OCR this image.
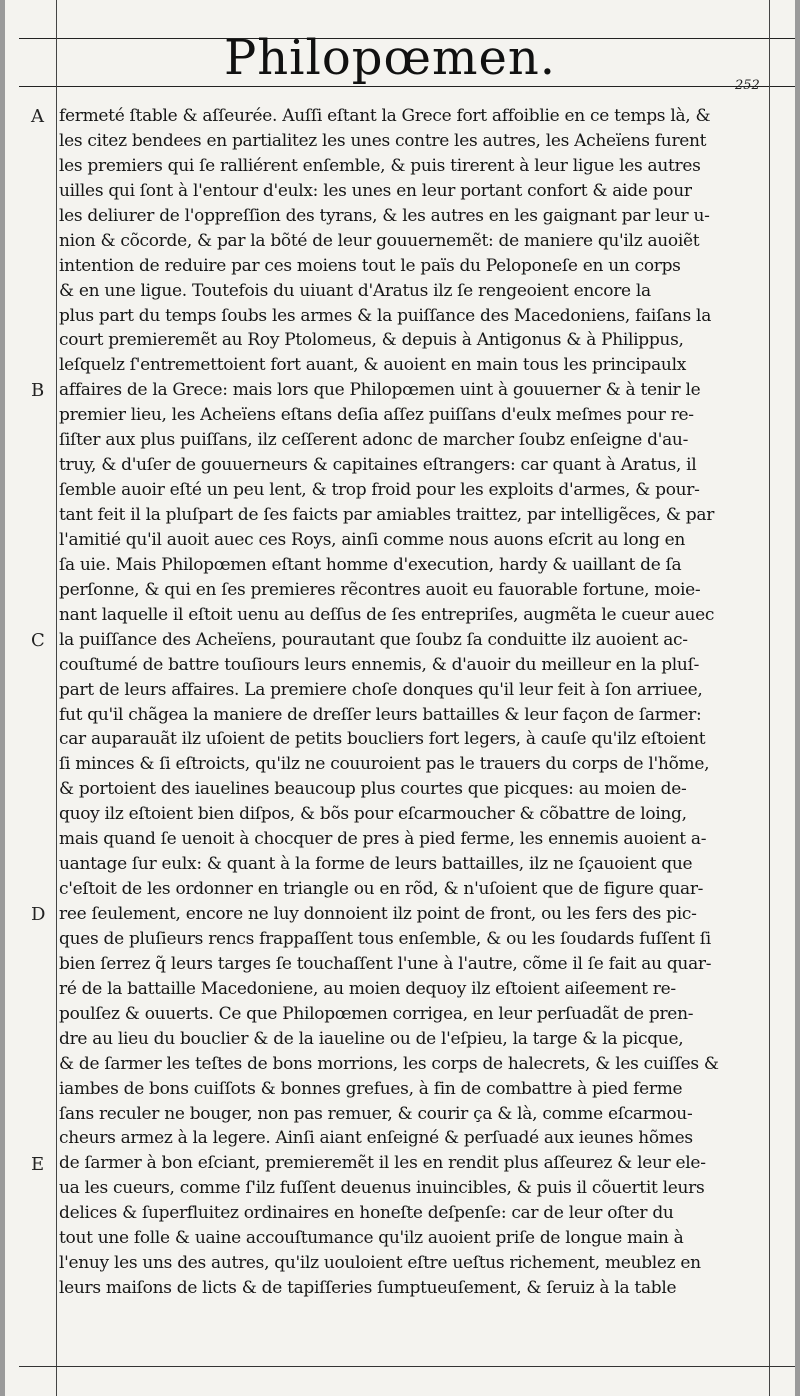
Philopœmen.	252
A
B
C
D
E
fermeté ſtable & aſſeurée. Auſſi eſtant la Grece fort affoiblie en ce temps là, &
les citez bendees en partialitez les unes contre les autres, les Acheïens furent
les premiers qui ſe ralliérent enſemble, & puis tirerent à leur ligue les autres
uilles qui ſont à l'entour d'eulx: les unes en leur portant confort & aide pour
les deliurer de l'oppreſſion des tyrans, & les autres en les gaignant par leur u-
nion & cõcorde, & par la bõté de leur gouuernemẽt: de maniere qu'ilz auoiẽt
intention de reduire par ces moiens tout le païs du Peloponeſe en un corps
& en une ligue. Toutefois du uiuant d'Aratus ilz ſe rengeoient encore la
plus part du temps ſoubs les armes & la puiſſance des Macedoniens, faiſans la
court premieremẽt au Roy Ptolomeus, & depuis à Antigonus & à Philippus,
leſquelz ſ'entremettoient fort auant, & auoient en main tous les principaulx
affaires de la Grece: mais lors que Philopœmen uint à gouuerner & à tenir le
premier lieu, les Acheïens eſtans deſia aſſez puiſſans d'eulx meſmes pour re-
ſiſter aux plus puiſſans, ilz ceſſerent adonc de marcher ſoubz enſeigne d'au-
truy, & d'uſer de gouuerneurs & capitaines eſtrangers: car quant à Aratus, il
ſemble auoir eſté un peu lent, & trop froid pour les exploits d'armes, & pour-
tant feit il la pluſpart de ſes faicts par amiables traittez, par intelligẽces, & par
l'amitié qu'il auoit auec ces Roys, ainſi comme nous auons eſcrit au long en
ſa uie. Mais Philopœmen eſtant homme d'execution, hardy & uaillant de ſa
perſonne, & qui en ſes premieres rẽcontres auoit eu fauorable fortune, moie-
nant laquelle il eſtoit uenu au deſſus de ſes entrepriſes, augmẽta le cueur auec
la puiſſance des Acheïens, pourautant que ſoubz ſa conduitte ilz auoient ac-
couſtumé de battre touſiours leurs ennemis, & d'auoir du meilleur en la pluſ-
part de leurs affaires. La premiere choſe donques qu'il leur feit à ſon arriuee,
fut qu'il chãgea la maniere de dreſſer leurs battailles & leur façon de ſarmer:
car auparauãt ilz uſoient de petits boucliers fort legers, à cauſe qu'ilz eſtoient
ſi minces & ſi eſtroicts, qu'ilz ne couuroient pas le trauers du corps de l'hõme,
& portoient des iauelines beaucoup plus courtes que picques: au moien de-
quoy ilz eſtoient bien diſpos, & bõs pour eſcarmoucher & cõbattre de loing,
mais quand ſe uenoit à chocquer de pres à pied ferme, les ennemis auoient a-
uantage ſur eulx: & quant à la forme de leurs battailles, ilz ne ſçauoient que
c'eſtoit de les ordonner en triangle ou en rõd, & n'uſoient que de figure quar-
ree ſeulement, encore ne luy donnoient ilz point de front, ou les fers des pic-
ques de pluſieurs rencs frappaſſent tous enſemble, & ou les ſoudards fuſſent ſi
bien ſerrez q̃ leurs targes ſe touchaſſent l'une à l'autre, cõme il ſe fait au quar-
ré de la battaille Macedoniene, au moien dequoy ilz eſtoient aiſeement re-
poulſez & ouuerts. Ce que Philopœmen corrigea, en leur perſuadãt de pren-
dre au lieu du bouclier & de la iaueline ou de l'eſpieu, la targe & la picque,
& de ſarmer les teſtes de bons morrions, les corps de halecrets, & les cuiſſes &
iambes de bons cuiſſots & bonnes grefues, à fin de combattre à pied ferme
ſans reculer ne bouger, non pas remuer, & courir ça & là, comme eſcarmou-
cheurs armez à la legere. Ainſi aiant enſeigné & perſuadé aux ieunes hõmes
de ſarmer à bon eſciant, premieremẽt il les en rendit plus aſſeurez & leur ele-
ua les cueurs, comme ſ'ilz fuſſent deuenus inuincibles, & puis il cõuertit leurs
delices & ſuperfluitez ordinaires en honeſte deſpenſe: car de leur oſter du
tout une folle & uaine accouſtumance qu'ilz auoient priſe de longue main à
l'enuy les uns des autres, qu'ilz uouloient eſtre ueſtus richement, meublez en
leurs maiſons de licts & de tapiſſeries ſumptueuſement, & ſeruiz à la table
